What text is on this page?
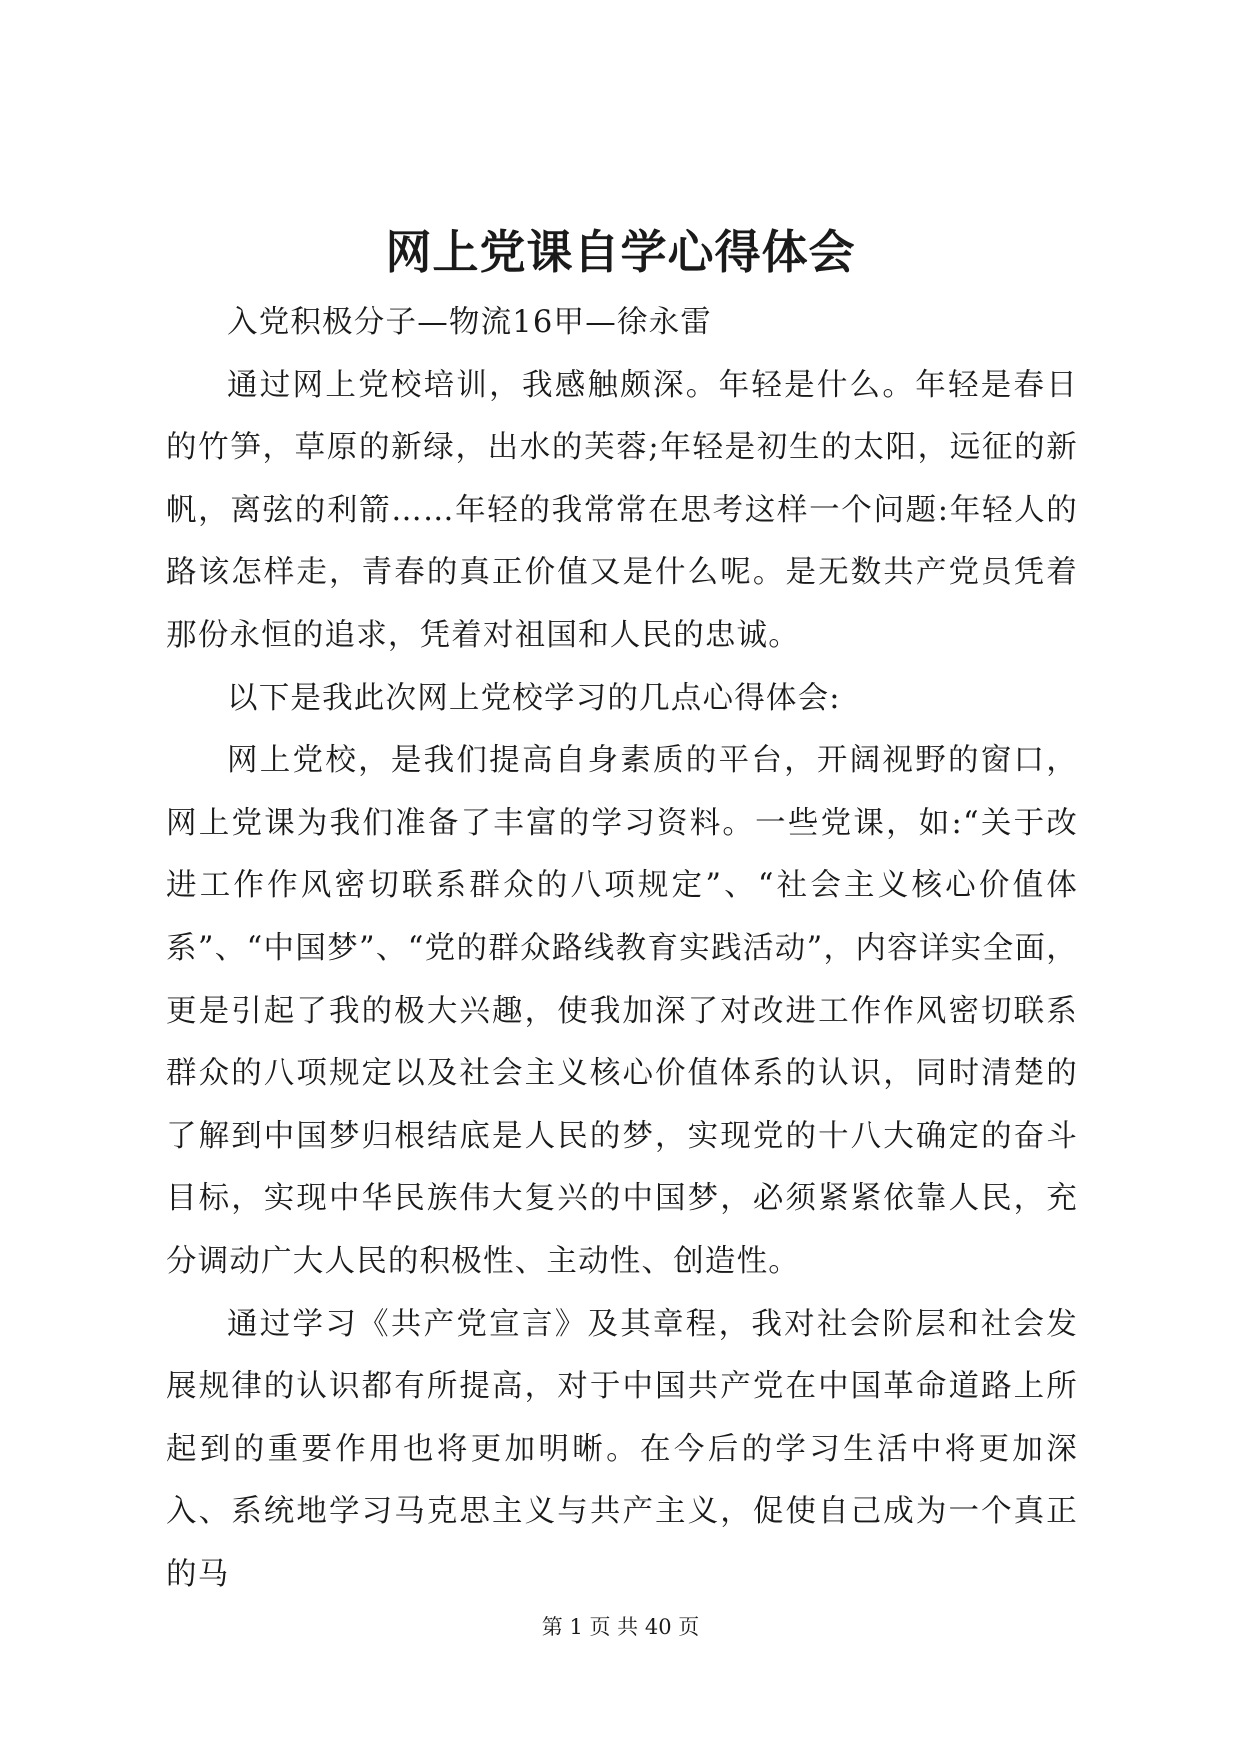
网上党课自学心得体会

入党积极分子—物流16甲—徐永雷

通过网上党校培训，我感触颇深。年轻是什么。年轻是春日的竹笋，草原的新绿，出水的芙蓉;年轻是初生的太阳，远征的新帆，离弦的利箭……年轻的我常常在思考这样一个问题:年轻人的路该怎样走，青春的真正价值又是什么呢。是无数共产党员凭着那份永恒的追求，凭着对祖国和人民的忠诚。

以下是我此次网上党校学习的几点心得体会:

网上党校，是我们提高自身素质的平台，开阔视野的窗口，网上党课为我们准备了丰富的学习资料。一些党课，如:“关于改进工作作风密切联系群众的八项规定”、“社会主义核心价值体系”、“中国梦”、“党的群众路线教育实践活动”，内容详实全面，更是引起了我的极大兴趣，使我加深了对改进工作作风密切联系群众的八项规定以及社会主义核心价值体系的认识，同时清楚的了解到中国梦归根结底是人民的梦，实现党的十八大确定的奋斗目标，实现中华民族伟大复兴的中国梦，必须紧紧依靠人民，充分调动广大人民的积极性、主动性、创造性。

通过学习《共产党宣言》及其章程，我对社会阶层和社会发展规律的认识都有所提高，对于中国共产党在中国革命道路上所起到的重要作用也将更加明晰。在今后的学习生活中将更加深入、系统地学习马克思主义与共产主义，促使自己成为一个真正的马

第 1 页 共 40 页
